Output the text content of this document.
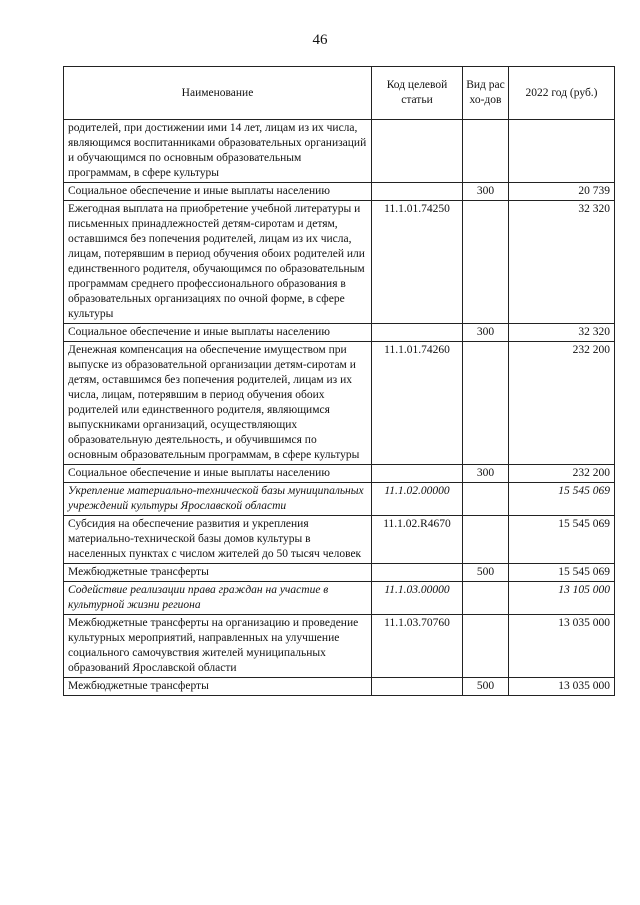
46
Наименование	Код целевой статьи	Вид расхо-дов	2022 год (руб.)
родителей, при достижении ими 14 лет, лицам из их числа, являющимся воспитанниками образовательных организаций и обучающимся по основным образовательным программам, в сфере культуры			
Социальное обеспечение и иные выплаты населению		300	20 739
Ежегодная выплата на приобретение учебной литературы и письменных принадлежностей детям-сиротам и детям, оставшимся без попечения родителей, лицам из их числа, лицам, потерявшим в период обучения обоих родителей или единственного родителя, обучающимся по образовательным программам среднего профессионального образования в образовательных организациях по очной форме, в сфере культуры	11.1.01.74250		32 320
Социальное обеспечение и иные выплаты населению		300	32 320
Денежная компенсация на обеспечение имуществом при выпуске из образовательной организации детям-сиротам и детям, оставшимся без попечения родителей, лицам из их числа, лицам, потерявшим в период обучения обоих родителей или единственного родителя, являющимся выпускниками организаций, осуществляющих образовательную деятельность, и обучившимся по основным образовательным программам, в сфере культуры	11.1.01.74260		232 200
Социальное обеспечение и иные выплаты населению		300	232 200
Укрепление материально-технической базы муниципальных учреждений культуры Ярославской области	11.1.02.00000		15 545 069
Субсидия на обеспечение развития и укрепления материально-технической базы домов культуры в населенных пунктах с числом жителей до 50 тысяч человек	11.1.02.R4670		15 545 069
Межбюджетные трансферты		500	15 545 069
Содействие реализации права граждан на участие в культурной жизни региона	11.1.03.00000		13 105 000
Межбюджетные трансферты на организацию и проведение культурных мероприятий, направленных на улучшение социального самочувствия жителей муниципальных образований Ярославской области	11.1.03.70760		13 035 000
Межбюджетные трансферты		500	13 035 000
